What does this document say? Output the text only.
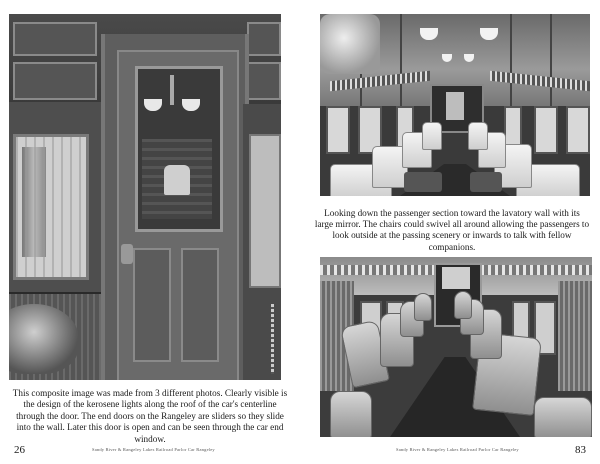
This composite image was made from 3 different photos. Clearly visible is the design of the kerosene lights along the roof of the car's centerline through the door. The end doors on the Rangeley are sliders so they slide into the wall. Later this door is open and can be seen through the car end window.
26	Sandy River & Rangeley Lakes Railroad Parlor Car Rangeley
Looking down the passenger section toward the lavatory wall with its large mirror. The chairs could swivel all around allowing the passengers to look outside at the passing scenery or inwards to talk with fellow companions.
83
Sandy River & Rangeley Lakes Railroad Parlor Car Rangeley
